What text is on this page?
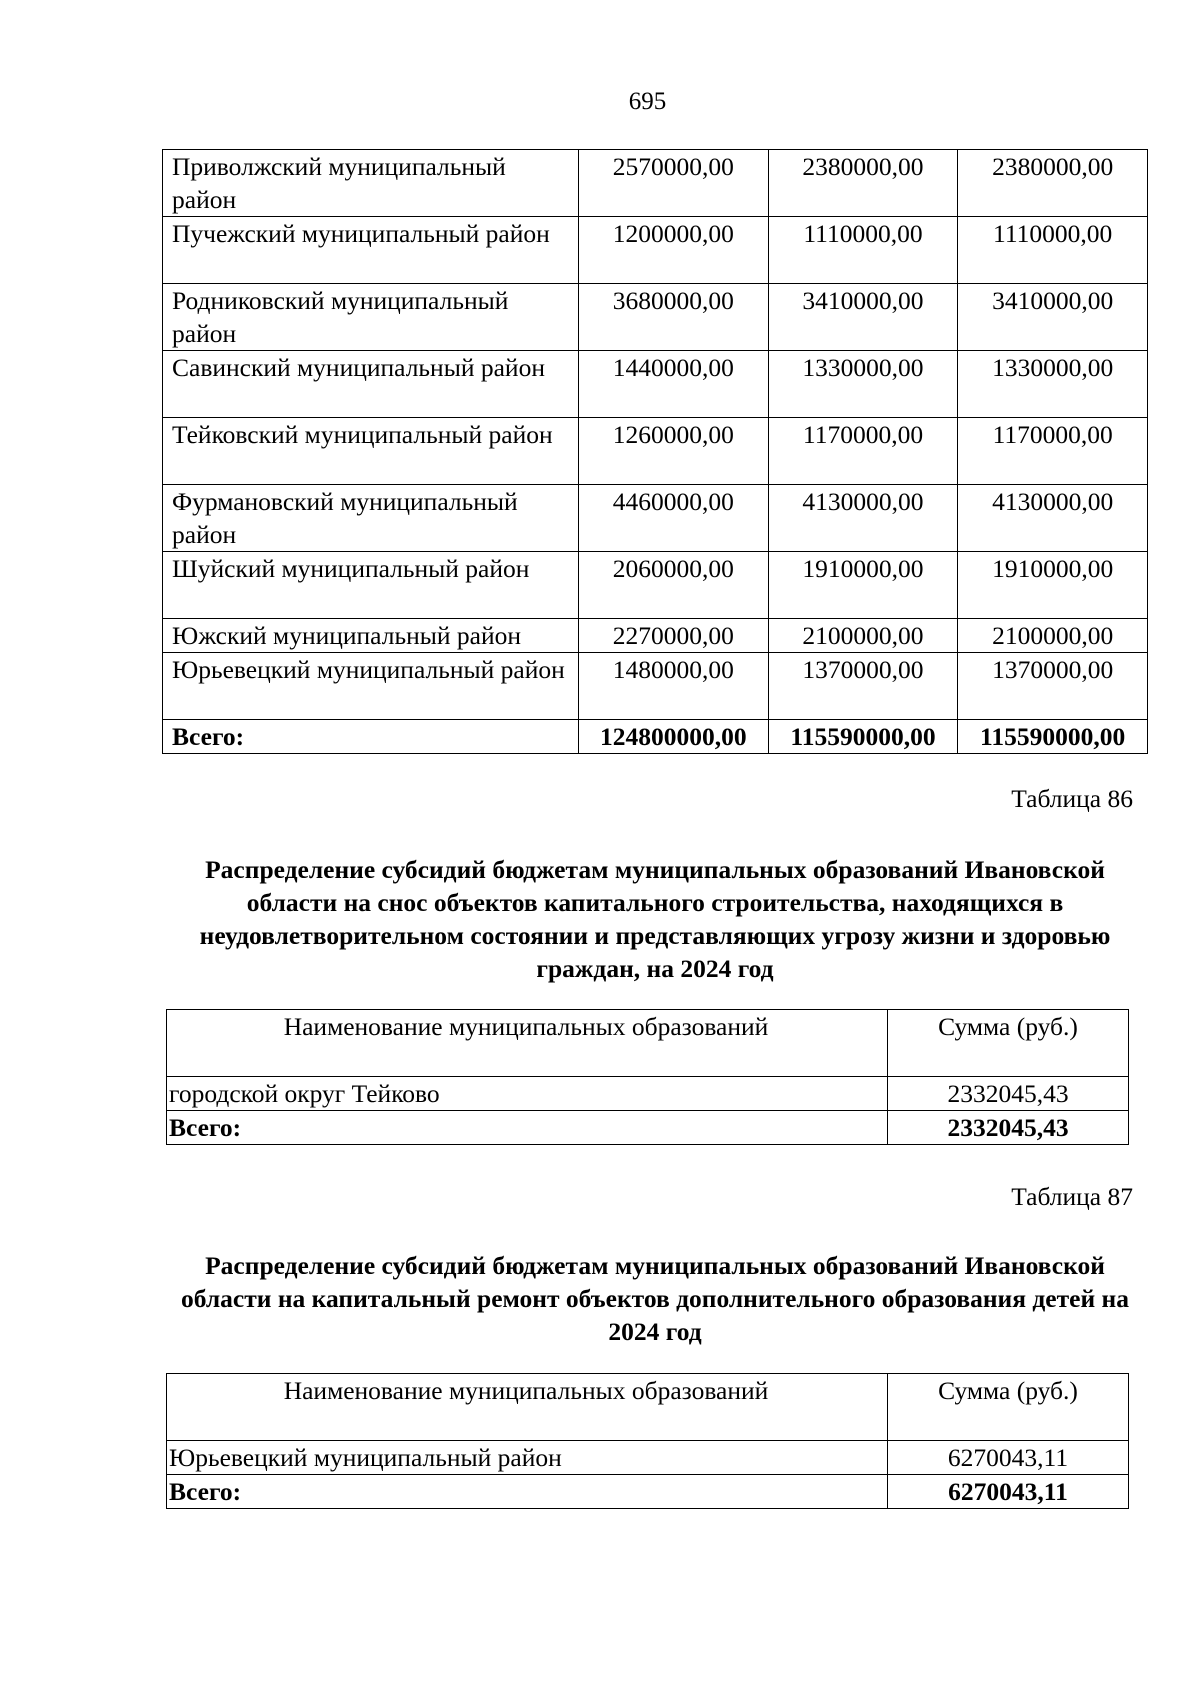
695
Приволжский муниципальный район	2570000,00	2380000,00	2380000,00
Пучежский муниципальный район	1200000,00	1110000,00	1110000,00
Родниковский муниципальный район	3680000,00	3410000,00	3410000,00
Савинский муниципальный район	1440000,00	1330000,00	1330000,00
Тейковский муниципальный район	1260000,00	1170000,00	1170000,00
Фурмановский муниципальный район	4460000,00	4130000,00	4130000,00
Шуйский муниципальный район	2060000,00	1910000,00	1910000,00
Южский муниципальный район	2270000,00	2100000,00	2100000,00
Юрьевецкий муниципальный район	1480000,00	1370000,00	1370000,00
Всего:	124800000,00	115590000,00	115590000,00
Таблица 86
Распределение субсидий бюджетам муниципальных образований Ивановской области на снос объектов капитального строительства, находящихся в неудовлетворительном состоянии и представляющих угрозу жизни и здоровью граждан, на 2024 год
Наименование муниципальных образований	Сумма (руб.)
городской округ Тейково	2332045,43
Всего:	2332045,43
Таблица 87
Распределение субсидий бюджетам муниципальных образований Ивановской области на капитальный ремонт объектов дополнительного образования детей на 2024 год
Наименование муниципальных образований	Сумма (руб.)
Юрьевецкий муниципальный район	6270043,11
Всего:	6270043,11
